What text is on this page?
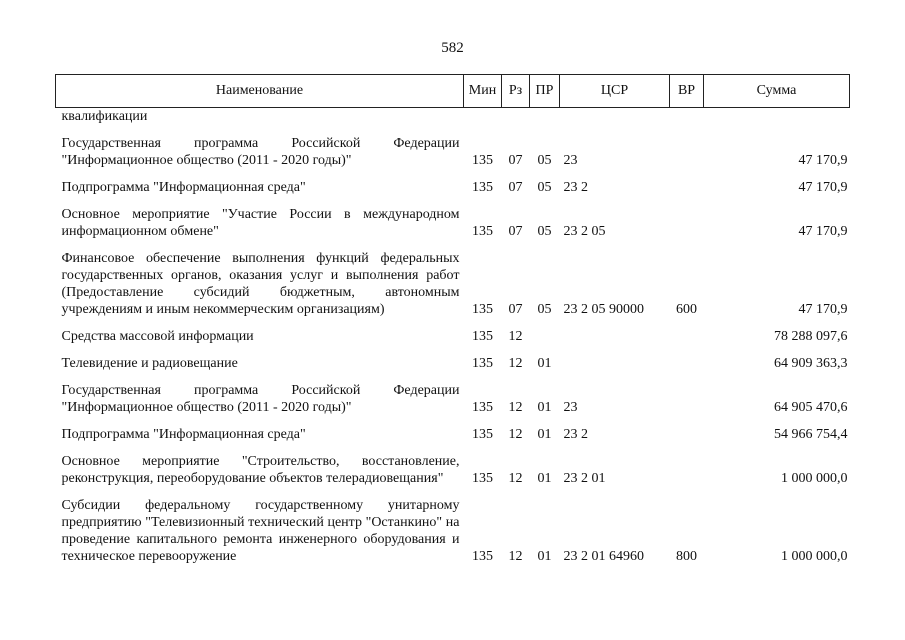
582
Наименование	Мин	Рз	ПР	ЦСР	ВР	Сумма
квалификации						

Государственная программа Российской Федерации "Информационное общество (2011 - 2020 годы)"	135	07	05	23		47 170,9

Подпрограмма "Информационная среда"	135	07	05	23 2		47 170,9

Основное мероприятие "Участие России в международном информационном обмене"	135	07	05	23 2 05		47 170,9

Финансовое обеспечение выполнения функций федеральных государственных органов, оказания услуг и выполнения работ (Предоставление субсидий бюджетным, автономным учреждениям и иным некоммерческим организациям)	135	07	05	23 2 05 90000	600	47 170,9

Средства массовой информации	135	12				78 288 097,6

Телевидение и радиовещание	135	12	01			64 909 363,3

Государственная программа Российской Федерации "Информационное общество (2011 - 2020 годы)"	135	12	01	23		64 905 470,6

Подпрограмма "Информационная среда"	135	12	01	23 2		54 966 754,4

Основное мероприятие "Строительство, восстановление, реконструкция, переоборудование объектов телерадиовещания"	135	12	01	23 2 01		1 000 000,0

Субсидии федеральному государственному унитарному предприятию "Телевизионный технический центр "Останкино" на проведение капитального ремонта инженерного оборудования и техническое перевооружение	135	12	01	23 2 01 64960	800	1 000 000,0
